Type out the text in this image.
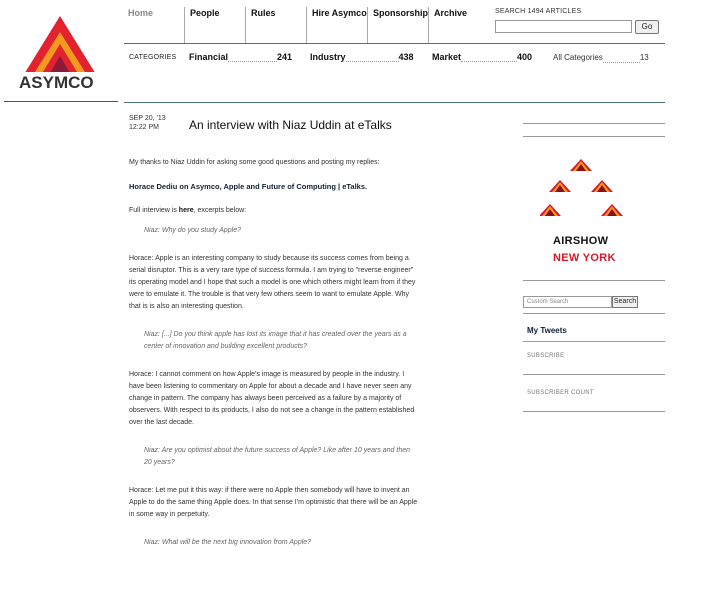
ASYMCO
Home	People	Rules	Hire Asymco Sponsorship Archive	SEARCH 1494 ARTICLES
Go
CATEGORIES Financial	241 Industry	438 Market	400	All Categories	13
SEP 20, '13
12:22 PM	An interview with Niaz Uddin at eTalks

My thanks to Niaz Uddin for asking some good questions and posting my replies:

Horace Dediu on Asymco, Apple and Future of Computing | eTalks.

Full interview is here, excerpts below:

Niaz: Why do you study Apple?

Horace: Apple is an interesting company to study because its success comes from being a serial disruptor. This is a very rare type of success formula. I am trying to "reverse engineer" its operating model and I hope that such a model is one which others might learn from if they were to emulate it. The trouble is that very few others seem to want to emulate Apple. Why that is is also an interesting question.

Niaz: [...] Do you think apple has lost its image that it has created over the years as a center of innovation and building excellent products?

Horace: I cannot comment on how Apple's image is measured by people in the industry. I have been listening to commentary on Apple for about a decade and I have never seen any change in pattern. The company has always been perceived as a failure by a majority of observers. With respect to its products, I also do not see a change in the pattern established over the last decade.

Niaz: Are you optimist about the future success of Apple? Like after 10 years and then 20 years?

Horace: Let me put it this way: if there were no Apple then somebody will have to invent an Apple to do the same thing Apple does. In that sense I'm optimistic that there will be an Apple in some way in perpetuity.

Niaz: What will be the next big innovation from Apple?

AIRSHOW
NEW YORK
Custom Search	Search
My Tweets
SUBSCRIBE
SUBSCRIBER COUNT
